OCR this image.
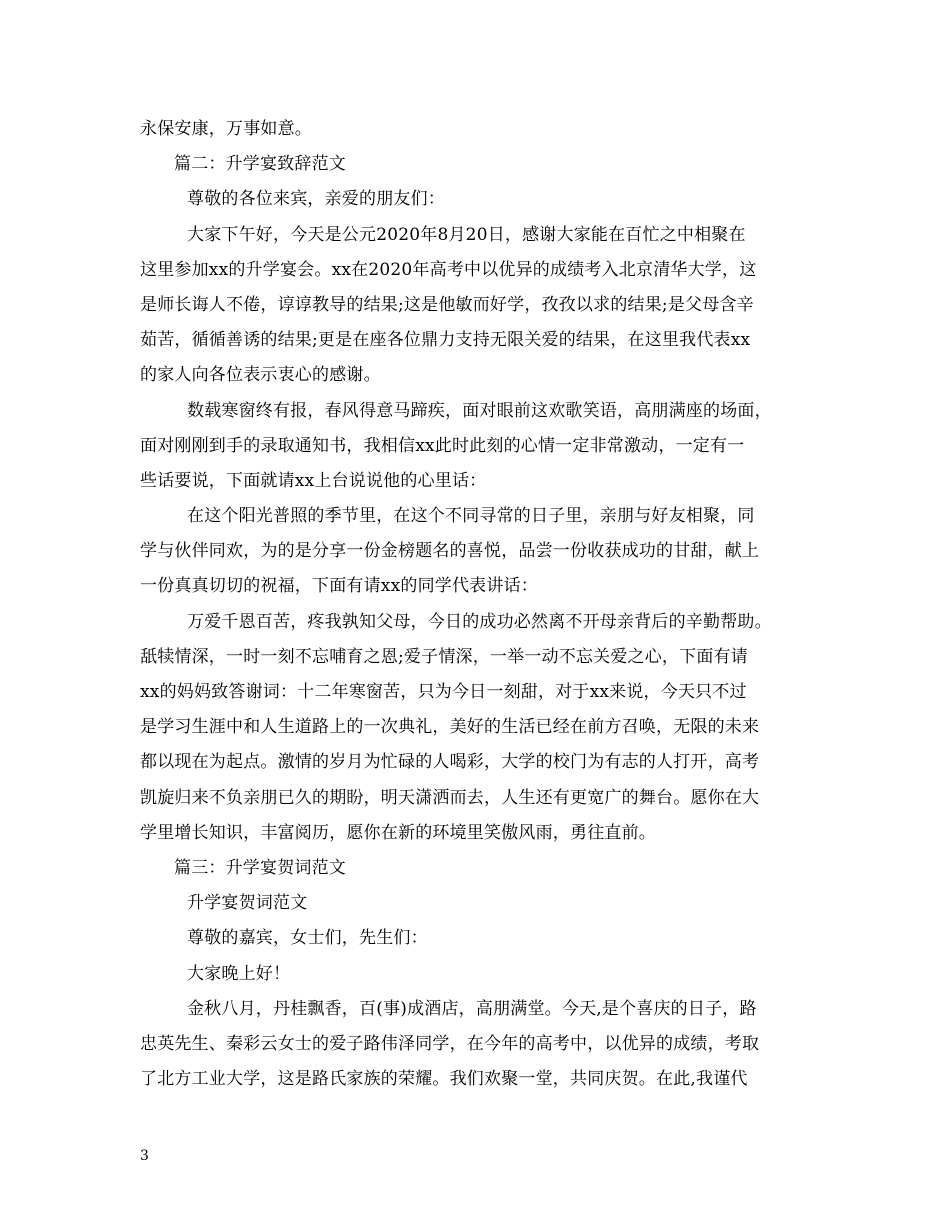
永保安康，万事如意。
篇二：升学宴致辞范文
尊敬的各位来宾，亲爱的朋友们：
大家下午好，今天是公元2020年8月20日，感谢大家能在百忙之中相聚在
这里参加xx的升学宴会。xx在2020年高考中以优异的成绩考入北京清华大学，这
是师长诲人不倦，谆谆教导的结果;这是他敏而好学，孜孜以求的结果;是父母含辛
茹苦，循循善诱的结果;更是在座各位鼎力支持无限关爱的结果，在这里我代表xx
的家人向各位表示衷心的感谢。
数载寒窗终有报，春风得意马蹄疾，面对眼前这欢歌笑语，高朋满座的场面，
面对刚刚到手的录取通知书，我相信xx此时此刻的心情一定非常激动，一定有一
些话要说，下面就请xx上台说说他的心里话：
在这个阳光普照的季节里，在这个不同寻常的日子里，亲朋与好友相聚，同
学与伙伴同欢，为的是分享一份金榜题名的喜悦，品尝一份收获成功的甘甜，献上
一份真真切切的祝福，下面有请xx的同学代表讲话：
万爱千恩百苦，疼我孰知父母，今日的成功必然离不开母亲背后的辛勤帮助。
舐犊情深，一时一刻不忘哺育之恩;爱子情深，一举一动不忘关爱之心，下面有请
xx的妈妈致答谢词：十二年寒窗苦，只为今日一刻甜，对于xx来说，今天只不过
是学习生涯中和人生道路上的一次典礼，美好的生活已经在前方召唤，无限的未来
都以现在为起点。激情的岁月为忙碌的人喝彩，大学的校门为有志的人打开，高考
凯旋归来不负亲朋已久的期盼，明天潇洒而去，人生还有更宽广的舞台。愿你在大
学里增长知识，丰富阅历，愿你在新的环境里笑傲风雨，勇往直前。
篇三：升学宴贺词范文
升学宴贺词范文
尊敬的嘉宾，女士们，先生们：
大家晚上好！
金秋八月，丹桂飘香，百(事)成酒店，高朋满堂。今天,是个喜庆的日子，路
忠英先生、秦彩云女士的爱子路伟泽同学，在今年的高考中，以优异的成绩，考取
了北方工业大学，这是路氏家族的荣耀。我们欢聚一堂，共同庆贺。在此,我谨代
3
